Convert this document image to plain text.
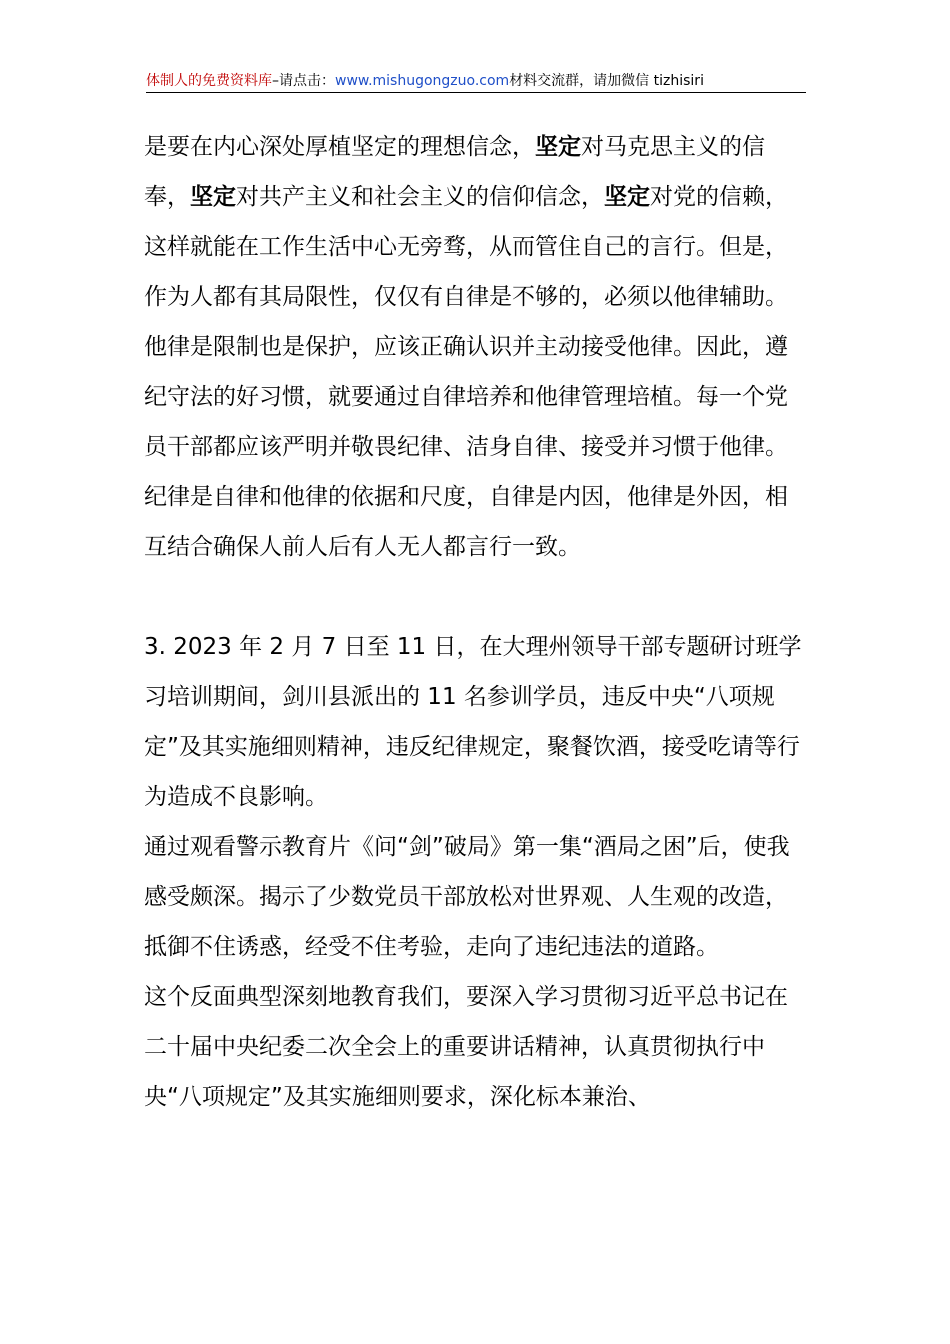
体制人的免费资料库–请点击：www.mishugongzuo.com材料交流群，请加微信 tizhisiri

是要在内心深处厚植坚定的理想信念，坚定对马克思主义的信奉，坚定对共产主义和社会主义的信仰信念，坚定对党的信赖，这样就能在工作生活中心无旁骛，从而管住自己的言行。但是，作为人都有其局限性，仅仅有自律是不够的，必须以他律辅助。他律是限制也是保护，应该正确认识并主动接受他律。因此，遵纪守法的好习惯，就要通过自律培养和他律管理培植。每一个党员干部都应该严明并敬畏纪律、洁身自律、接受并习惯于他律。纪律是自律和他律的依据和尺度，自律是内因，他律是外因，相互结合确保人前人后有人无人都言行一致。

3. 2023 年 2 月 7 日至 11 日，在大理州领导干部专题研讨班学习培训期间，剑川县派出的 11 名参训学员，违反中央“八项规定”及其实施细则精神，违反纪律规定，聚餐饮酒，接受吃请等行为造成不良影响。

通过观看警示教育片《问“剑”破局》第一集“酒局之困”后，使我感受颇深。揭示了少数党员干部放松对世界观、人生观的改造，抵御不住诱惑，经受不住考验，走向了违纪违法的道路。

这个反面典型深刻地教育我们，要深入学习贯彻习近平总书记在二十届中央纪委二次全会上的重要讲话精神，认真贯彻执行中央“八项规定”及其实施细则要求，深化标本兼治、
